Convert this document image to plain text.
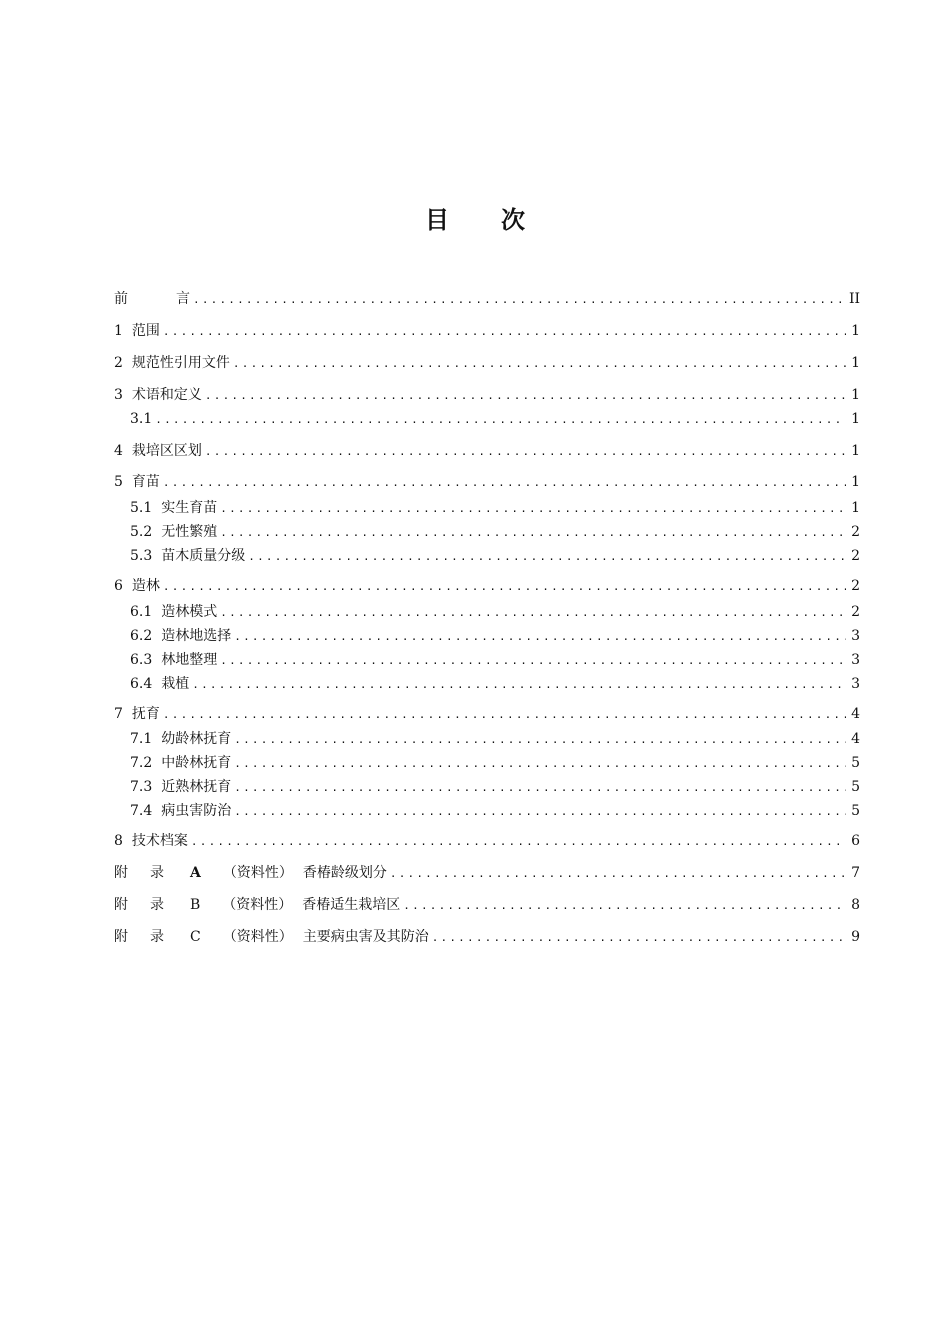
目 次
前	言 .....	II
1 范围 .....	1
2 规范性引用文件 .....	1
3 术语和定义 .....	1
3.1 .....	1
4 栽培区区划 .....	1
5 育苗 .....	1
5.1 实生育苗 .....	1
5.2 无性繁殖 .....	2
5.3 苗木质量分级 .....	2
6 造林 .....	2
6.1 造林模式 .....	2
6.2 造林地选择 .....	3
6.3 林地整理 .....	3
6.4 栽植 .....	3
7 抚育 .....	4
7.1 幼龄林抚育 .....	4
7.2 中龄林抚育 .....	5
7.3 近熟林抚育 .....	5
7.4 病虫害防治 .....	5
8 技术档案 .....	6
附 录 A （资料性） 香椿龄级划分 .....	7
附 录 B （资料性） 香椿适生栽培区 .....	8
附 录 C （资料性） 主要病虫害及其防治 .....	9
